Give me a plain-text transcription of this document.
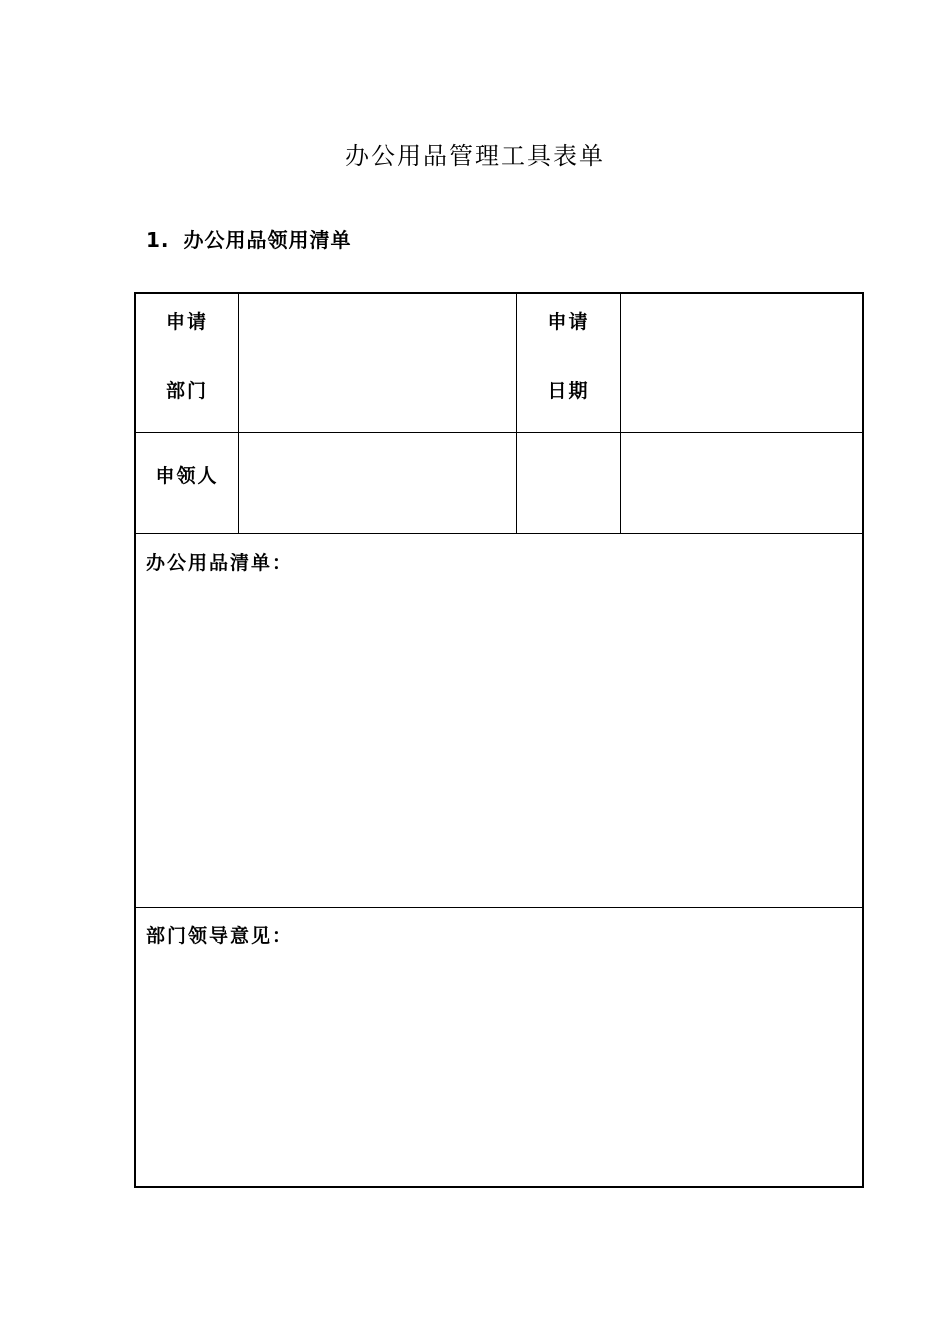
办公用品管理工具表单
1. 办公用品领用清单
申请
部门
申请
日期
申领人
办公用品清单：
部门领导意见：
